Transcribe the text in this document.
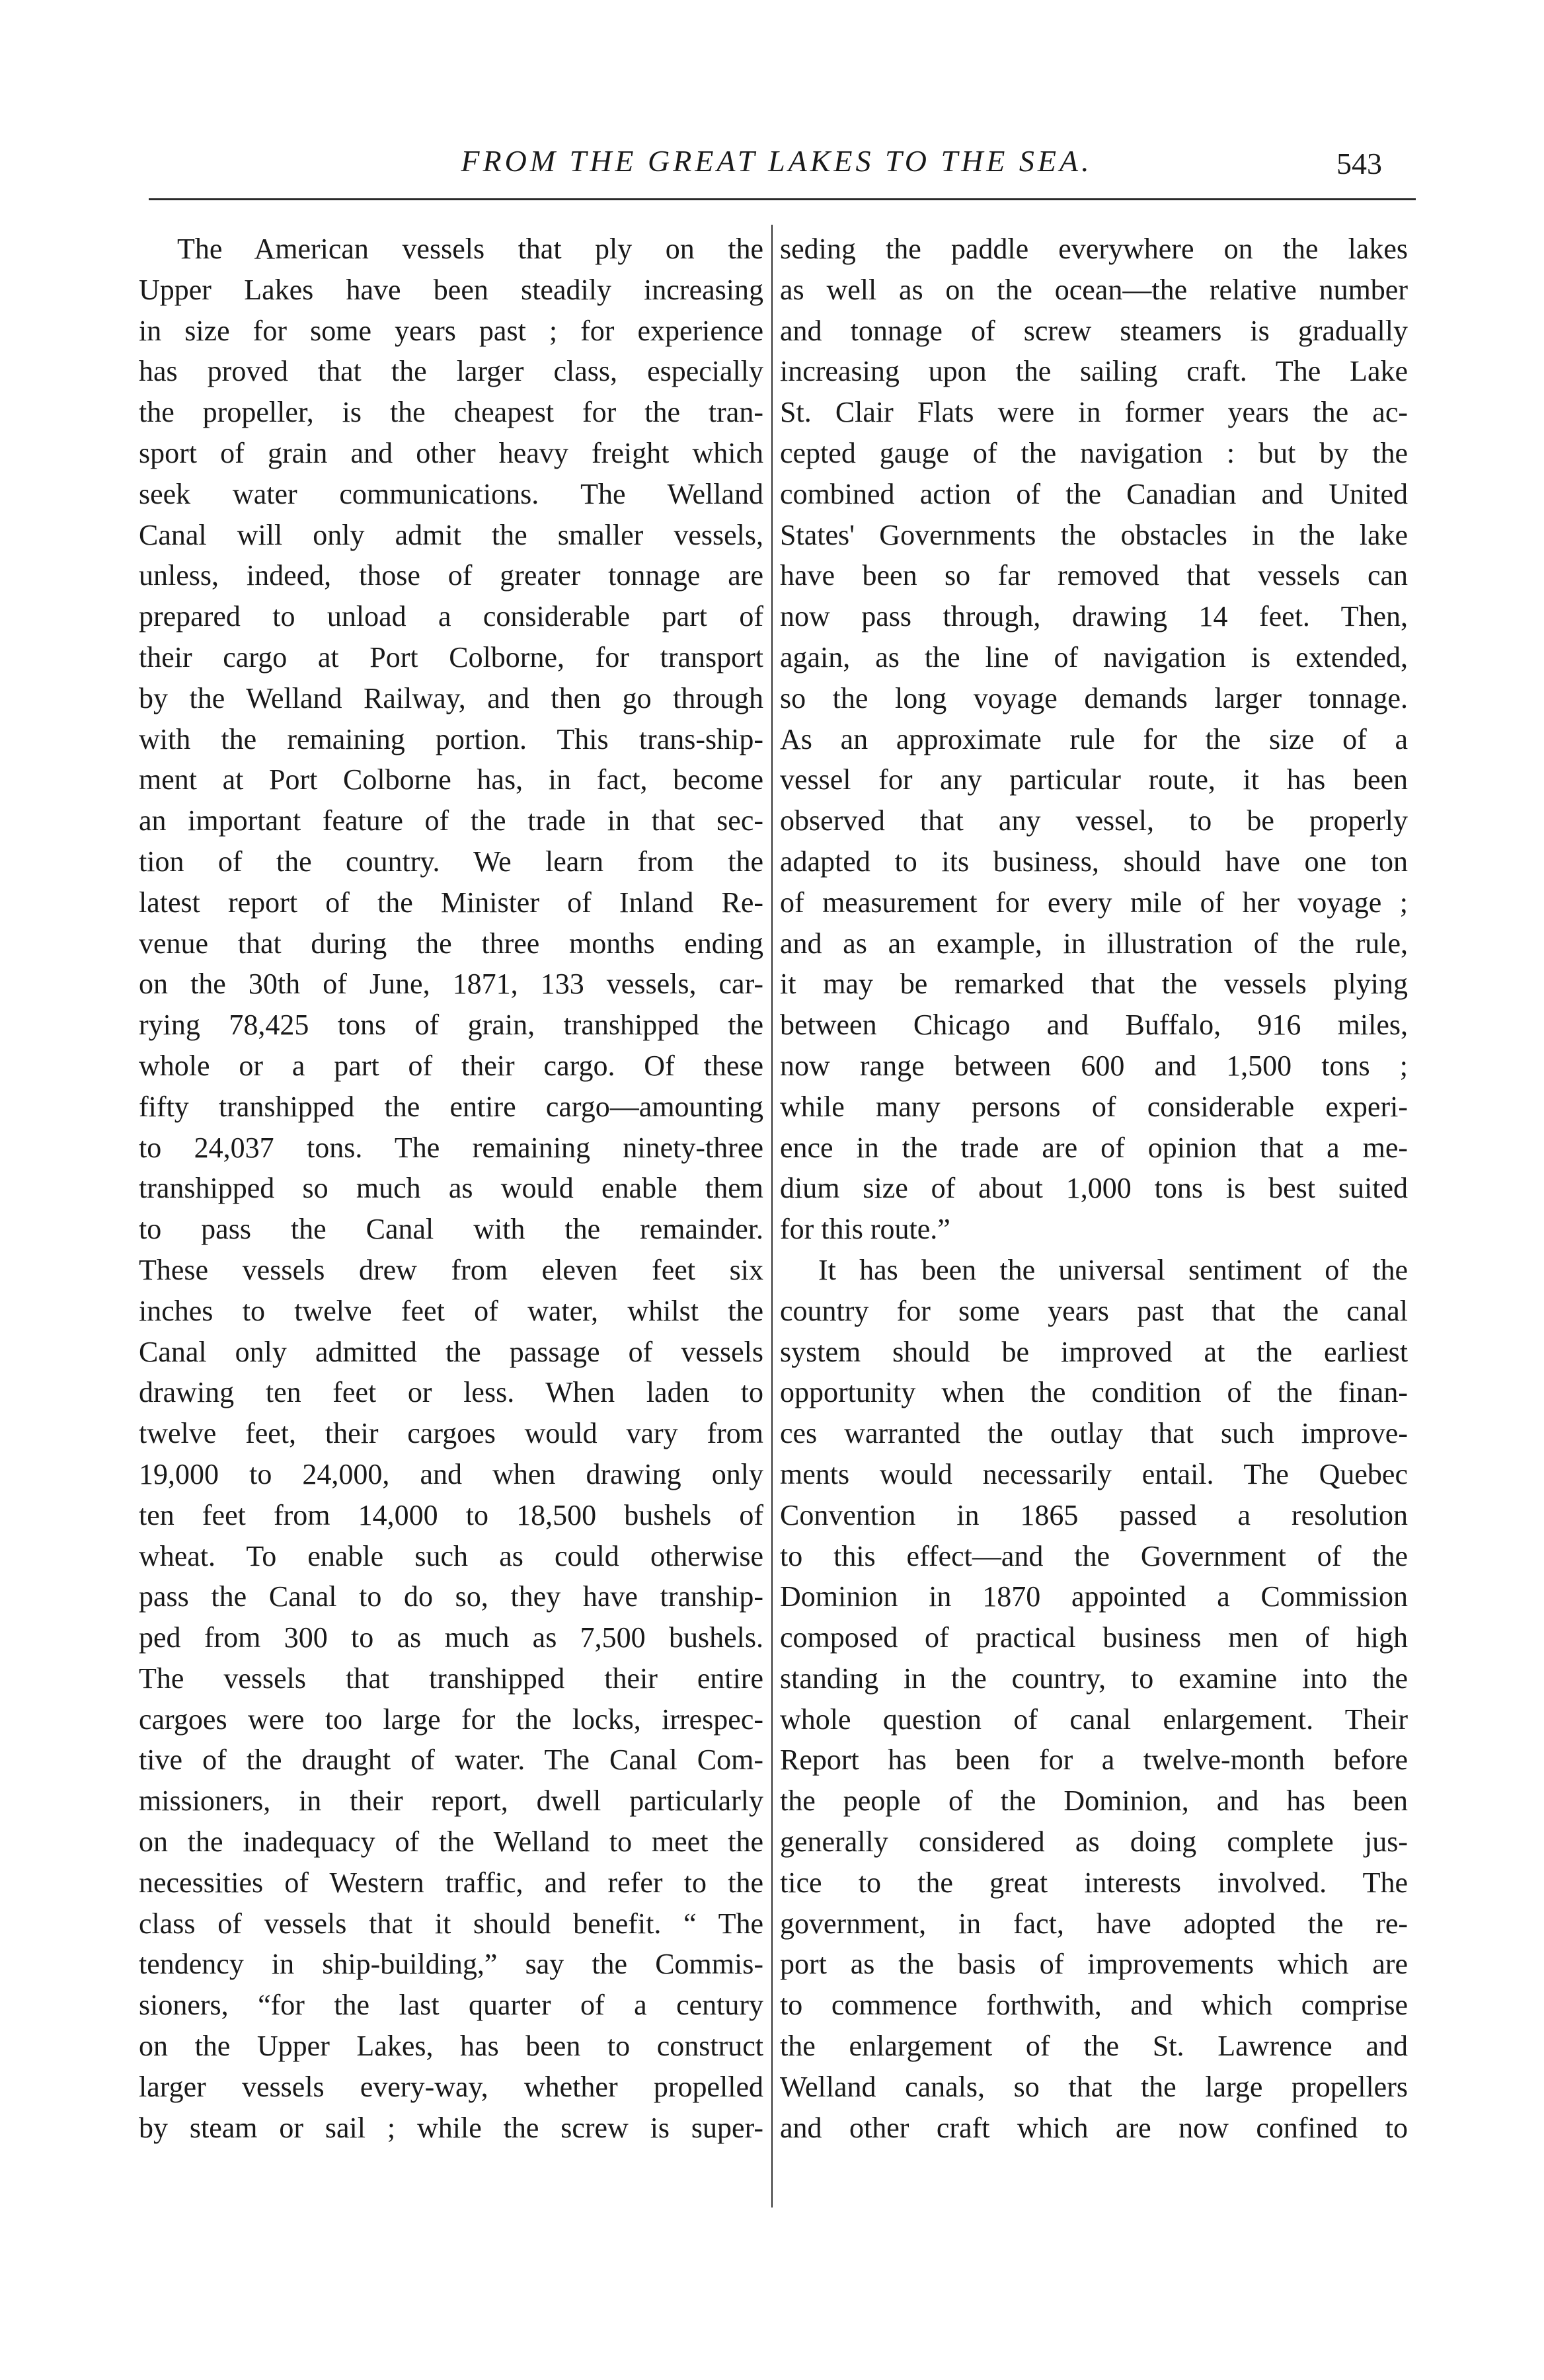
FROM THE GREAT LAKES TO THE SEA.	543
The American vessels that ply on the
Upper Lakes have been steadily increasing
in size for some years past ; for experience
has proved that the larger class, especially
the propeller, is the cheapest for the tran-
sport of grain and other heavy freight which
seek water communications. The Welland
Canal will only admit the smaller vessels,
unless, indeed, those of greater tonnage are
prepared to unload a considerable part of
their cargo at Port Colborne, for transport
by the Welland Railway, and then go through
with the remaining portion. This trans-ship-
ment at Port Colborne has, in fact, become
an important feature of the trade in that sec-
tion of the country. We learn from the
latest report of the Minister of Inland Re-
venue that during the three months ending
on the 30th of June, 1871, 133 vessels, car-
rying 78,425 tons of grain, transhipped the
whole or a part of their cargo. Of these
fifty transhipped the entire cargo—amounting
to 24,037 tons. The remaining ninety-three
transhipped so much as would enable them
to pass the Canal with the remainder.
These vessels drew from eleven feet six
inches to twelve feet of water, whilst the
Canal only admitted the passage of vessels
drawing ten feet or less. When laden to
twelve feet, their cargoes would vary from
19,000 to 24,000, and when drawing only
ten feet from 14,000 to 18,500 bushels of
wheat. To enable such as could otherwise
pass the Canal to do so, they have tranship-
ped from 300 to as much as 7,500 bushels.
The vessels that transhipped their entire
cargoes were too large for the locks, irrespec-
tive of the draught of water. The Canal Com-
missioners, in their report, dwell particularly
on the inadequacy of the Welland to meet the
necessities of Western traffic, and refer to the
class of vessels that it should benefit. “ The
tendency in ship-building,” say the Commis-
sioners, “for the last quarter of a century
on the Upper Lakes, has been to construct
larger vessels every-way, whether propelled
by steam or sail ; while the screw is super-
seding the paddle everywhere on the lakes
as well as on the ocean—the relative number
and tonnage of screw steamers is gradually
increasing upon the sailing craft. The Lake
St. Clair Flats were in former years the ac-
cepted gauge of the navigation : but by the
combined action of the Canadian and United
States' Governments the obstacles in the lake
have been so far removed that vessels can
now pass through, drawing 14 feet. Then,
again, as the line of navigation is extended,
so the long voyage demands larger tonnage.
As an approximate rule for the size of a
vessel for any particular route, it has been
observed that any vessel, to be properly
adapted to its business, should have one ton
of measurement for every mile of her voyage ;
and as an example, in illustration of the rule,
it may be remarked that the vessels plying
between Chicago and Buffalo, 916 miles,
now range between 600 and 1,500 tons ;
while many persons of considerable experi-
ence in the trade are of opinion that a me-
dium size of about 1,000 tons is best suited
for this route.”
It has been the universal sentiment of the
country for some years past that the canal
system should be improved at the earliest
opportunity when the condition of the finan-
ces warranted the outlay that such improve-
ments would necessarily entail. The Quebec
Convention in 1865 passed a resolution
to this effect—and the Government of the
Dominion in 1870 appointed a Commission
composed of practical business men of high
standing in the country, to examine into the
whole question of canal enlargement. Their
Report has been for a twelve-month before
the people of the Dominion, and has been
generally considered as doing complete jus-
tice to the great interests involved. The
government, in fact, have adopted the re-
port as the basis of improvements which are
to commence forthwith, and which comprise
the enlargement of the St. Lawrence and
Welland canals, so that the large propellers
and other craft which are now confined to
